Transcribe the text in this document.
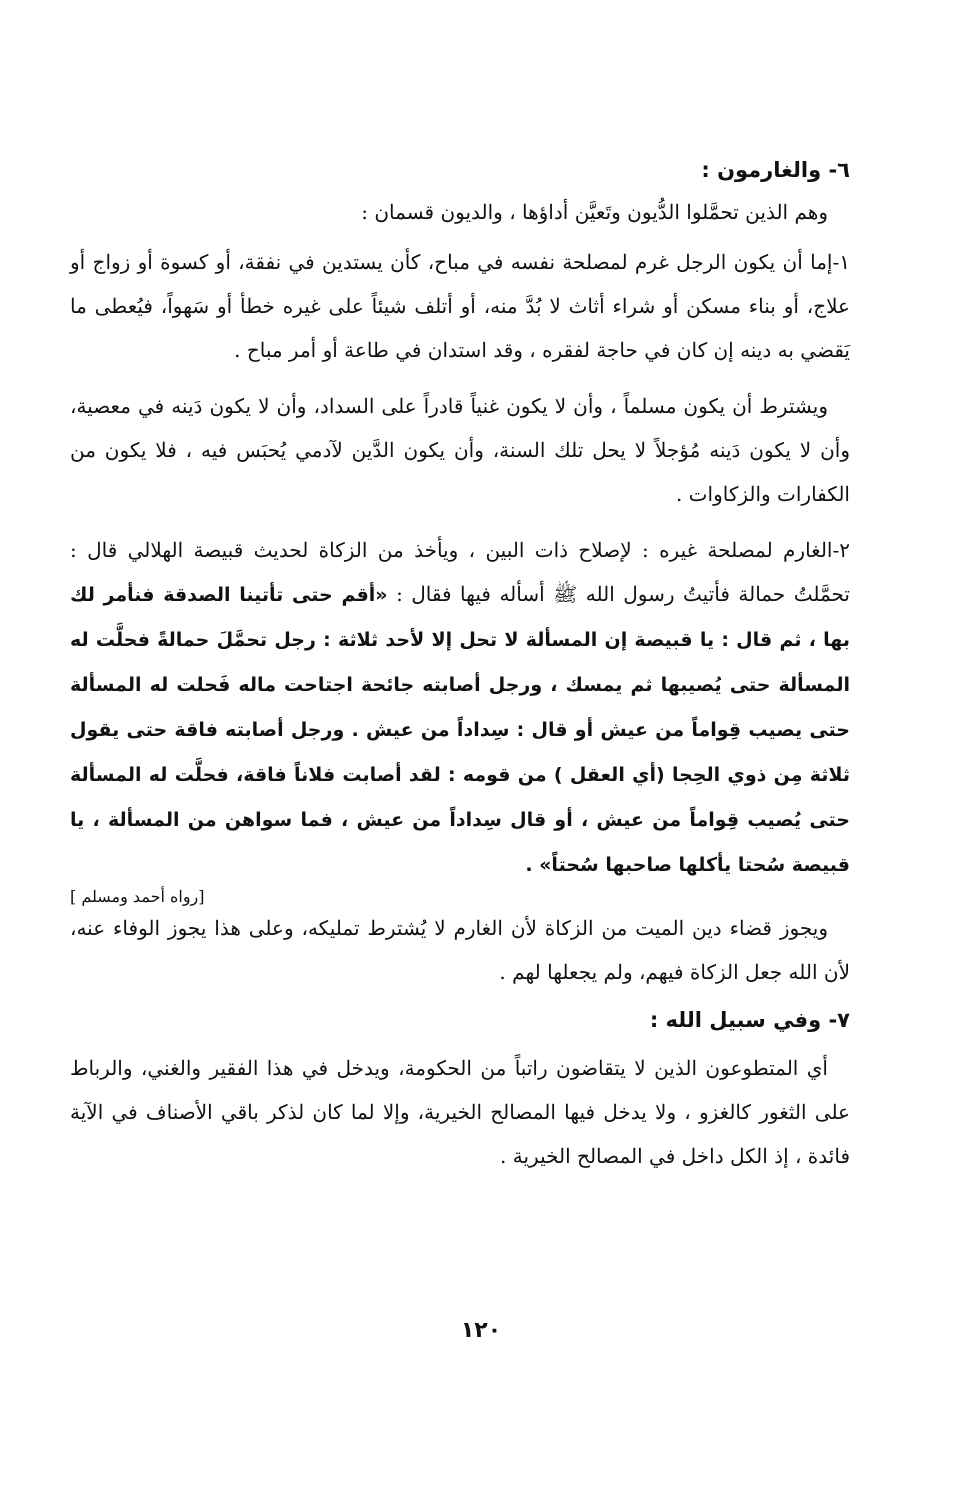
٦- والغارمون :

وهم الذين تحمَّلوا الدُّيون وتَعيَّن أداؤها ، والديون قسمان :

١-إما أن يكون الرجل غرم لمصلحة نفسه في مباح، كأن يستدين في نفقة، أو كسوة أو زواج أو علاج، أو بناء مسكن أو شراء أثاث لا بُدَّ منه، أو أتلف شيئاً على غيره خطأ أو سَهواً، فيُعطى ما يَقضي به دينه إن كان في حاجة لفقره ، وقد استدان في طاعة أو أمر مباح .

ويشترط أن يكون مسلماً ، وأن لا يكون غنياً قادراً على السداد، وأن لا يكون دَينه في معصية، وأن لا يكون دَينه مُؤجلاً لا يحل تلك السنة، وأن يكون الدَّين لآدمي يُحبَس فيه ، فلا يكون من الكفارات والزكاوات .

٢-الغارم لمصلحة غيره : لإصلاح ذات البين ، ويأخذ من الزكاة لحديث قبيصة الهلالي قال : تحمَّلتُ حمالة فأتيتُ رسول الله ﷺ أسأله فيها فقال : «أقم حتى تأتينا الصدقة فنأمر لك بها ، ثم قال : يا قبيصة إن المسألة لا تحل إلا لأحد ثلاثة : رجل تحمَّلَ حمالةً فحلَّت له المسألة حتى يُصيبها ثم يمسك ، ورجل أصابته جائحة اجتاحت ماله فَحلت له المسألة حتى يصيب قِواماً من عيش أو قال : سِداداً من عيش . ورجل أصابته فاقة حتى يقول ثلاثة مِن ذوي الحِجا (أي العقل ) من قومه : لقد أصابت فلاناً فاقة، فحلَّت له المسألة حتى يُصيب قِواماً من عيش ، أو قال سِداداً من عيش ، فما سواهن من المسألة ، يا قبيصة سُحتا يأكلها صاحبها سُحتاً» .

[رواه أحمد ومسلم ]

ويجوز قضاء دين الميت من الزكاة لأن الغارم لا يُشترط تمليكه، وعلى هذا يجوز الوفاء عنه، لأن الله جعل الزكاة فيهم، ولم يجعلها لهم .

٧- وفي سبيل الله :

أي المتطوعون الذين لا يتقاضون راتباً من الحكومة، ويدخل في هذا الفقير والغني، والرباط على الثغور كالغزو ، ولا يدخل فيها المصالح الخيرية، وإلا لما كان لذكر باقي الأصناف في الآية فائدة ، إذ الكل داخل في المصالح الخيرية .

١٢٠
